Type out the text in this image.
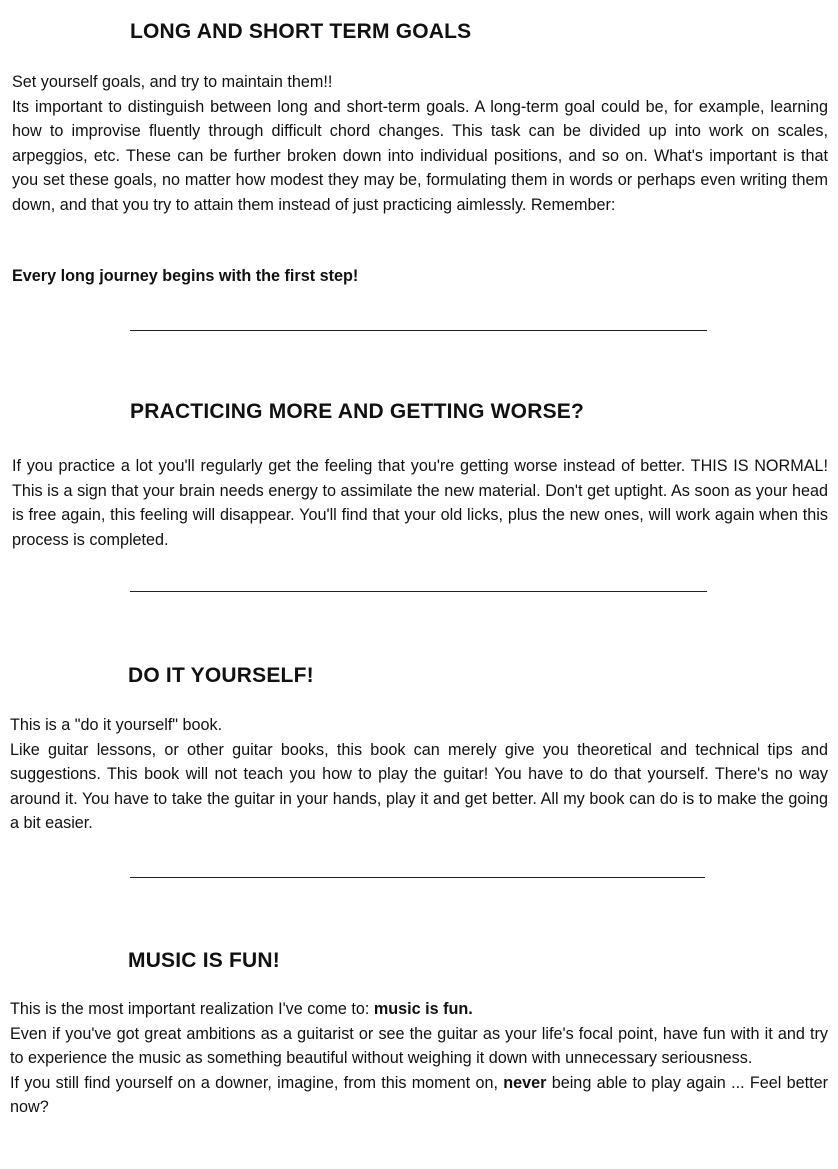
LONG AND SHORT TERM GOALS

Set yourself goals, and try to maintain them!!

Its important to distinguish between long and short-term goals. A long-term goal could be, for example, learning how to improvise fluently through difficult chord changes. This task can be divided up into work on scales, arpeggios, etc. These can be further broken down into individual positions, and so on. What's important is that you set these goals, no matter how modest they may be, formulating them in words or perhaps even writing them down, and that you try to attain them instead of just practicing aimlessly. Remember:

Every long journey begins with the first step!

PRACTICING MORE AND GETTING WORSE?

If you practice a lot you'll regularly get the feeling that you're getting worse instead of better. THIS IS NORMAL! This is a sign that your brain needs energy to assimilate the new material. Don't get uptight. As soon as your head is free again, this feeling will disappear. You'll find that your old licks, plus the new ones, will work again when this process is completed.

DO IT YOURSELF!

This is a "do it yourself" book.

Like guitar lessons, or other guitar books, this book can merely give you theoretical and technical tips and suggestions. This book will not teach you how to play the guitar! You have to do that yourself. There's no way around it. You have to take the guitar in your hands, play it and get better. All my book can do is to make the going a bit easier.

MUSIC IS FUN!

This is the most important realization I've come to: music is fun.

Even if you've got great ambitions as a guitarist or see the guitar as your life's focal point, have fun with it and try to experience the music as something beautiful without weighing it down with unnecessary seriousness.

If you still find yourself on a downer, imagine, from this moment on, never being able to play again ... Feel better now?
